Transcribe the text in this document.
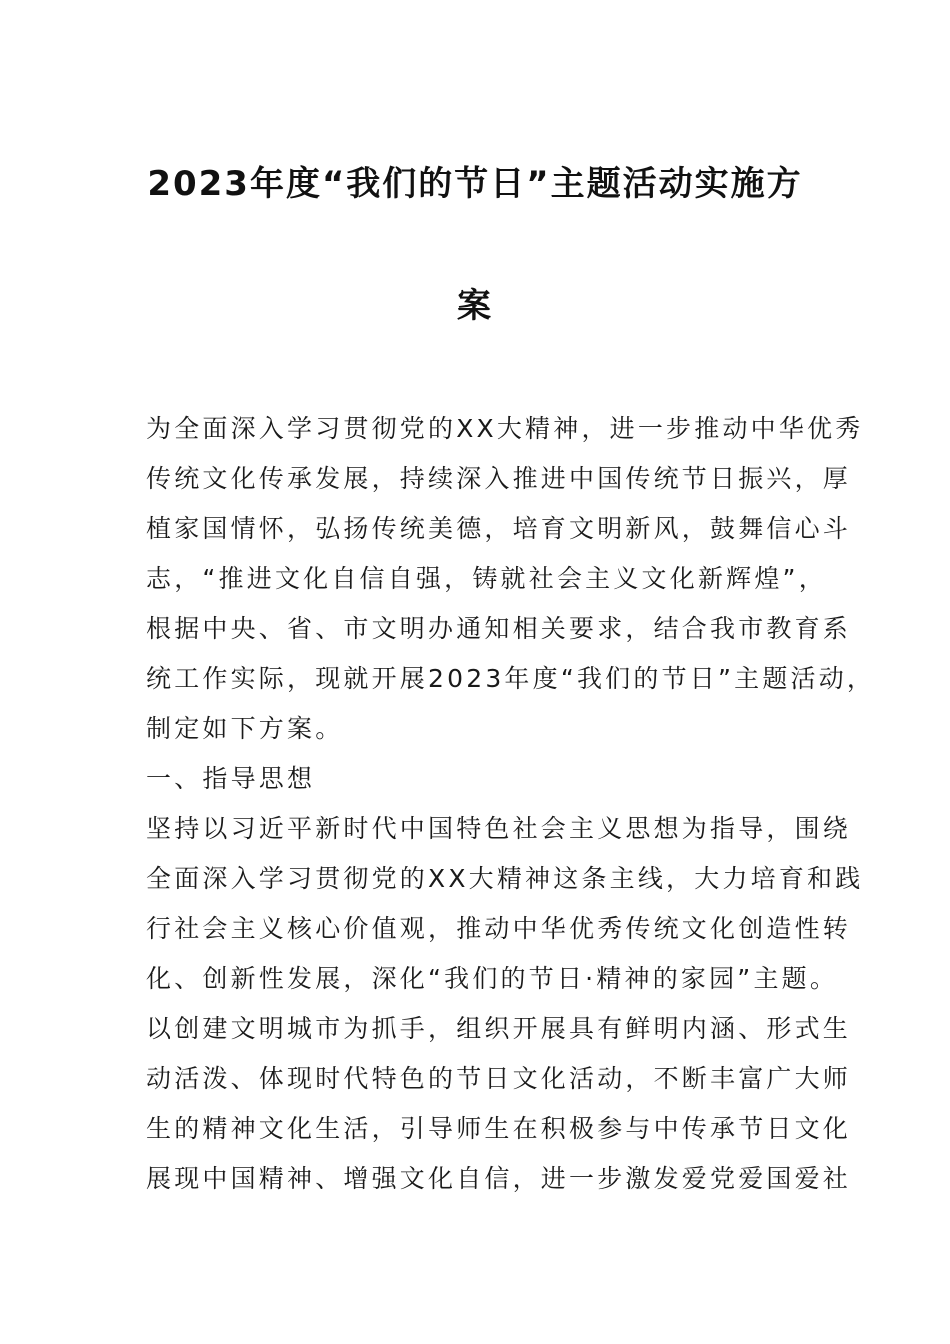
2023年度“我们的节日”主题活动实施方
案
为全面深入学习贯彻党的XX大精神，进一步推动中华优秀
传统文化传承发展，持续深入推进中国传统节日振兴，厚
植家国情怀，弘扬传统美德，培育文明新风，鼓舞信心斗
志，“推进文化自信自强，铸就社会主义文化新辉煌”，
根据中央、省、市文明办通知相关要求，结合我市教育系
统工作实际，现就开展2023年度“我们的节日”主题活动，
制定如下方案。
一、指导思想
坚持以习近平新时代中国特色社会主义思想为指导，围绕
全面深入学习贯彻党的XX大精神这条主线，大力培育和践
行社会主义核心价值观，推动中华优秀传统文化创造性转
化、创新性发展，深化“我们的节日·精神的家园”主题。
以创建文明城市为抓手，组织开展具有鲜明内涵、形式生
动活泼、体现时代特色的节日文化活动，不断丰富广大师
生的精神文化生活，引导师生在积极参与中传承节日文化
展现中国精神、增强文化自信，进一步激发爱党爱国爱社
